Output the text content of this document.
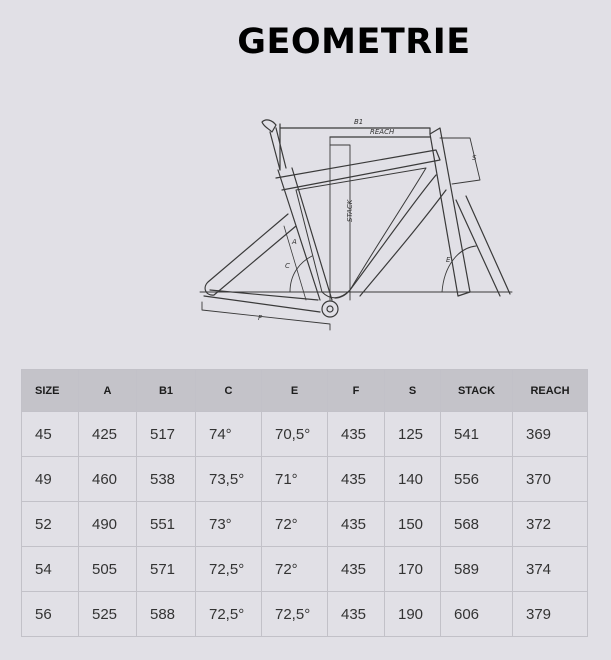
GEOMETRIE
B1
REACH
S
A
C
E
F
STACK
SIZE	A	B1	C	E	F	S	STACK	REACH
45	425	517	74°	70,5°	435	125	541	369
49	460	538	73,5°	71°	435	140	556	370
52	490	551	73°	72°	435	150	568	372
54	505	571	72,5°	72°	435	170	589	374
56	525	588	72,5°	72,5°	435	190	606	379
